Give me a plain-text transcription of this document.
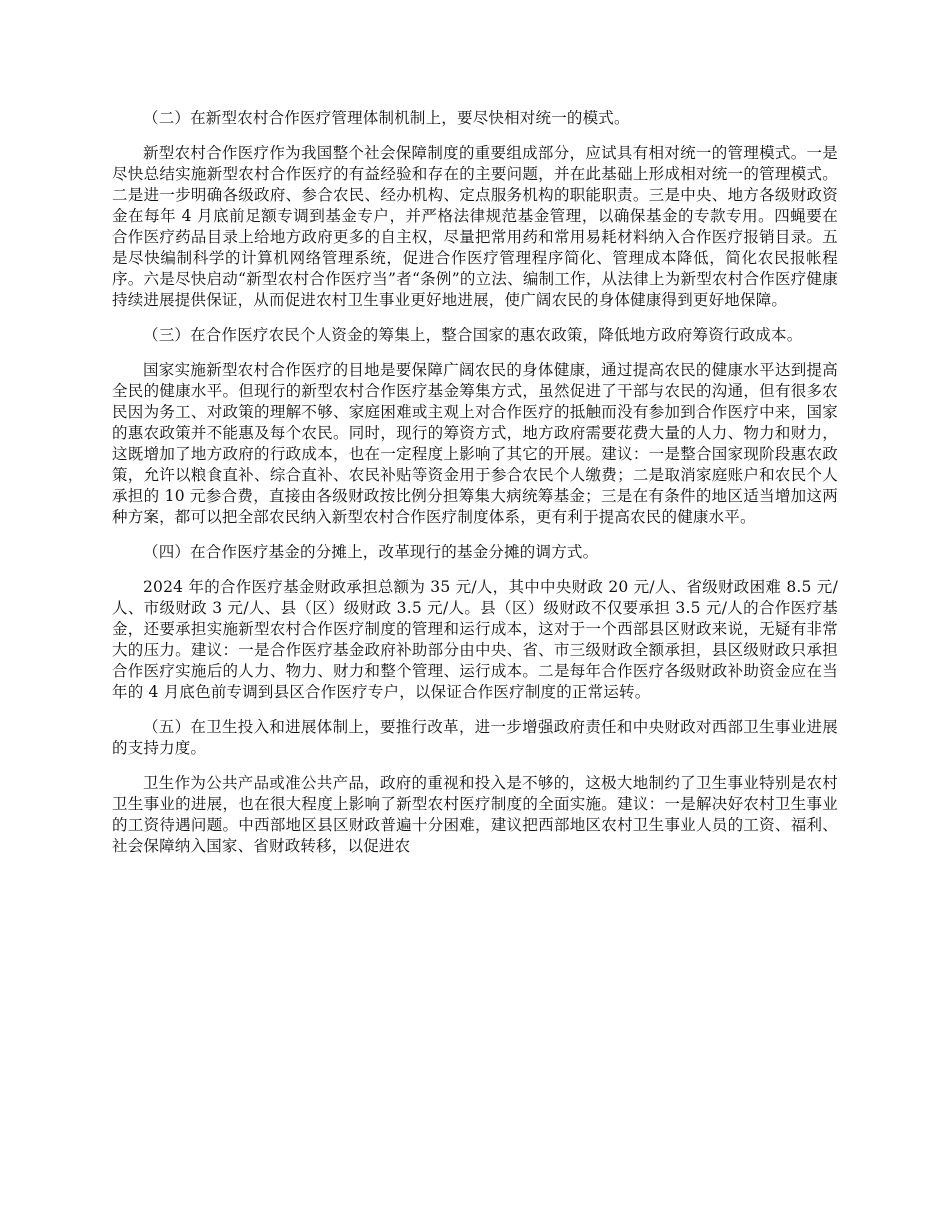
（二）在新型农村合作医疗管理体制机制上，要尽快相对统一的模式。

新型农村合作医疗作为我国整个社会保障制度的重要组成部分，应试具有相对统一的管理模式。一是尽快总结实施新型农村合作医疗的有益经验和存在的主要问题，并在此基础上形成相对统一的管理模式。二是进一步明确各级政府、参合农民、经办机构、定点服务机构的职能职责。三是中央、地方各级财政资金在每年 4 月底前足额专调到基金专户，并严格法律规范基金管理，以确保基金的专款专用。四蝇要在合作医疗药品目录上给地方政府更多的自主权，尽量把常用药和常用易耗材料纳入合作医疗报销目录。五是尽快编制科学的计算机网络管理系统，促进合作医疗管理程序简化、管理成本降低，简化农民报帐程序。六是尽快启动“新型农村合作医疗当”者“条例”的立法、编制工作，从法律上为新型农村合作医疗健康持续进展提供保证，从而促进农村卫生事业更好地进展，使广阔农民的身体健康得到更好地保障。

（三）在合作医疗农民个人资金的筹集上，整合国家的惠农政策，降低地方政府筹资行政成本。

国家实施新型农村合作医疗的目地是要保障广阔农民的身体健康，通过提高农民的健康水平达到提高全民的健康水平。但现行的新型农村合作医疗基金筹集方式，虽然促进了干部与农民的沟通，但有很多农民因为务工、对政策的理解不够、家庭困难或主观上对合作医疗的抵触而没有参加到合作医疗中来，国家的惠农政策并不能惠及每个农民。同时，现行的筹资方式，地方政府需要花费大量的人力、物力和财力，这既增加了地方政府的行政成本，也在一定程度上影响了其它的开展。建议：一是整合国家现阶段惠农政策，允许以粮食直补、综合直补、农民补贴等资金用于参合农民个人缴费；二是取消家庭账户和农民个人承担的 10 元参合费，直接由各级财政按比例分担筹集大病统筹基金；三是在有条件的地区适当增加这两种方案，都可以把全部农民纳入新型农村合作医疗制度体系，更有利于提高农民的健康水平。

（四）在合作医疗基金的分摊上，改革现行的基金分摊的调方式。

2024 年的合作医疗基金财政承担总额为 35 元/人，其中中央财政 20 元/人、省级财政困难 8.5 元/人、市级财政 3 元/人、县（区）级财政 3.5 元/人。县（区）级财政不仅要承担 3.5 元/人的合作医疗基金，还要承担实施新型农村合作医疗制度的管理和运行成本，这对于一个西部县区财政来说，无疑有非常大的压力。建议：一是合作医疗基金政府补助部分由中央、省、市三级财政全额承担，县区级财政只承担合作医疗实施后的人力、物力、财力和整个管理、运行成本。二是每年合作医疗各级财政补助资金应在当年的 4 月底色前专调到县区合作医疗专户，以保证合作医疗制度的正常运转。

（五）在卫生投入和进展体制上，要推行改革，进一步增强政府责任和中央财政对西部卫生事业进展的支持力度。

卫生作为公共产品或准公共产品，政府的重视和投入是不够的，这极大地制约了卫生事业特别是农村卫生事业的进展，也在很大程度上影响了新型农村医疗制度的全面实施。建议：一是解决好农村卫生事业的工资待遇问题。中西部地区县区财政普遍十分困难，建议把西部地区农村卫生事业人员的工资、福利、社会保障纳入国家、省财政转移，以促进农
